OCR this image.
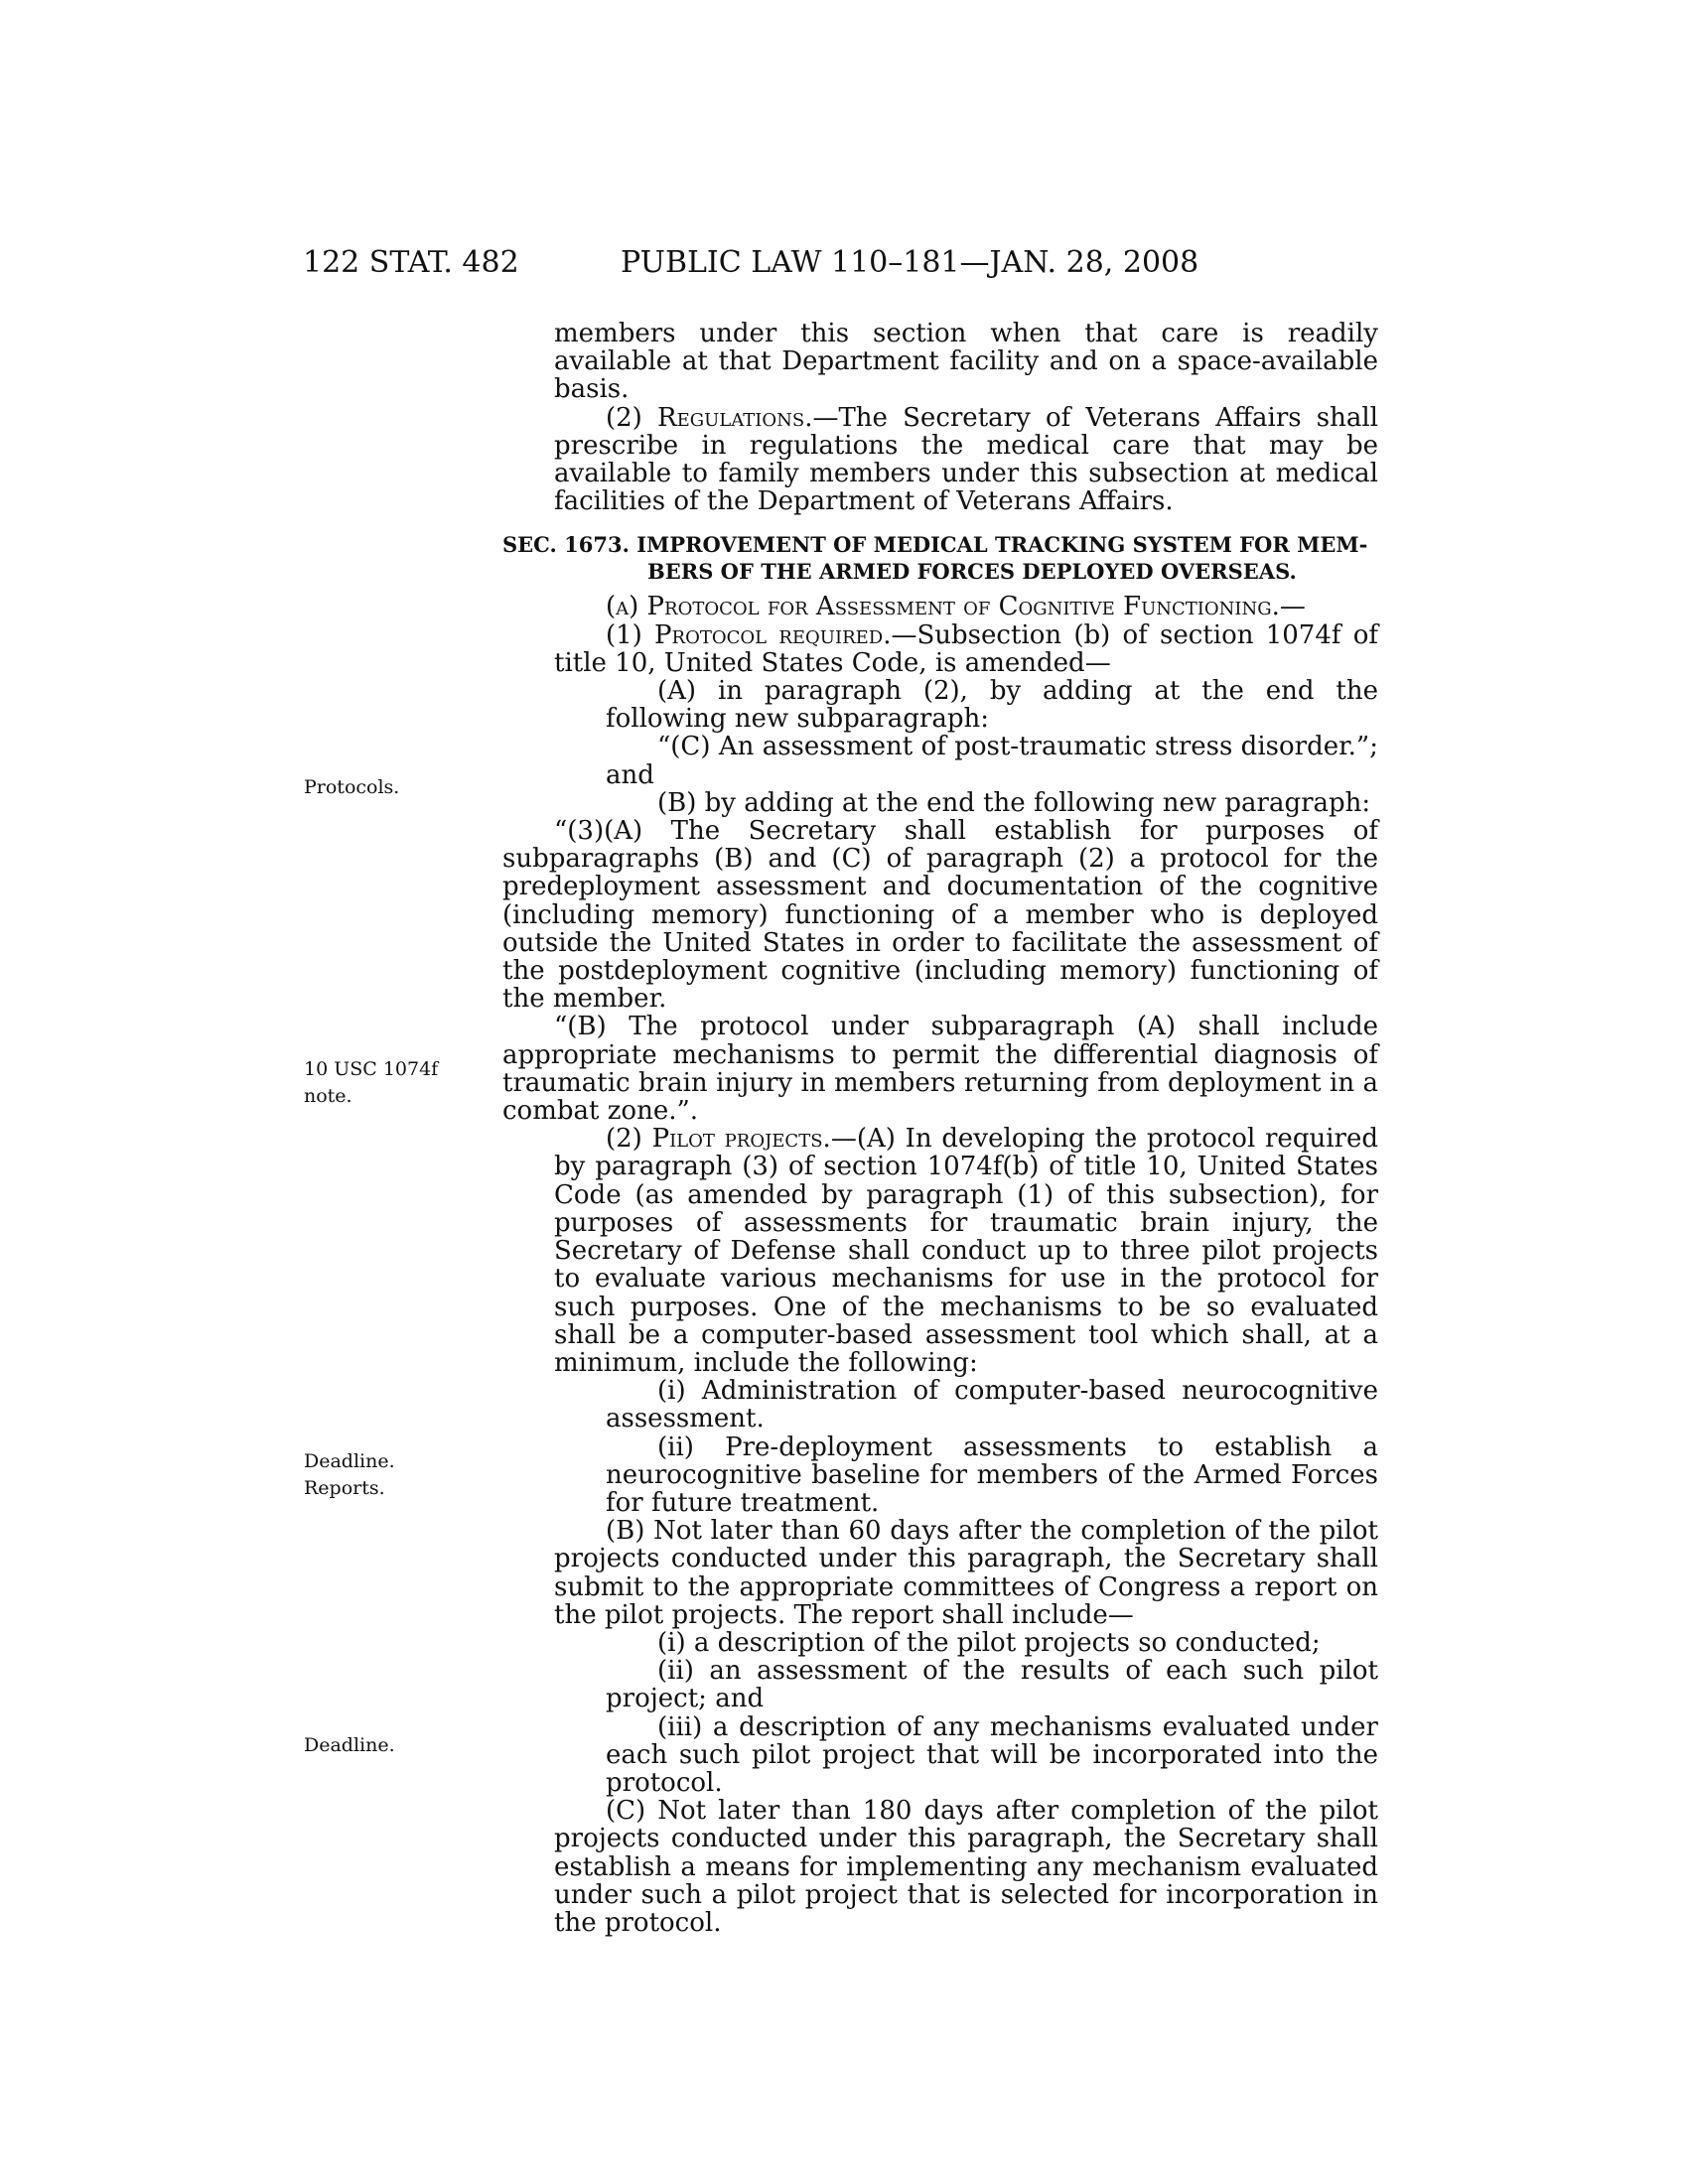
122 STAT. 482	PUBLIC LAW 110–181—JAN. 28, 2008
Protocols.
10 USC 1074f note.
Deadline. Reports.
Deadline.

members under this section when that care is readily available at that Department facility and on a space-available basis.

(2) Regulations.—The Secretary of Veterans Affairs shall prescribe in regulations the medical care that may be available to family members under this subsection at medical facilities of the Department of Veterans Affairs.

SEC. 1673. IMPROVEMENT OF MEDICAL TRACKING SYSTEM FOR MEM-
BERS OF THE ARMED FORCES DEPLOYED OVERSEAS.

(a) Protocol for Assessment of Cognitive Functioning.—

(1) Protocol required.—Subsection (b) of section 1074f of title 10, United States Code, is amended—

(A) in paragraph (2), by adding at the end the following new subparagraph:

“(C) An assessment of post-traumatic stress disorder.”; and

(B) by adding at the end the following new paragraph:

“(3)(A) The Secretary shall establish for purposes of subparagraphs (B) and (C) of paragraph (2) a protocol for the predeployment assessment and documentation of the cognitive (including memory) functioning of a member who is deployed outside the United States in order to facilitate the assessment of the postdeployment cognitive (including memory) functioning of the member.

“(B) The protocol under subparagraph (A) shall include appropriate mechanisms to permit the differential diagnosis of traumatic brain injury in members returning from deployment in a combat zone.”.

(2) Pilot projects.—(A) In developing the protocol required by paragraph (3) of section 1074f(b) of title 10, United States Code (as amended by paragraph (1) of this subsection), for purposes of assessments for traumatic brain injury, the Secretary of Defense shall conduct up to three pilot projects to evaluate various mechanisms for use in the protocol for such purposes. One of the mechanisms to be so evaluated shall be a computer-based assessment tool which shall, at a minimum, include the following:

(i) Administration of computer-based neurocognitive assessment.

(ii) Pre-deployment assessments to establish a neurocognitive baseline for members of the Armed Forces for future treatment.

(B) Not later than 60 days after the completion of the pilot projects conducted under this paragraph, the Secretary shall submit to the appropriate committees of Congress a report on the pilot projects. The report shall include—

(i) a description of the pilot projects so conducted;

(ii) an assessment of the results of each such pilot project; and

(iii) a description of any mechanisms evaluated under each such pilot project that will be incorporated into the protocol.

(C) Not later than 180 days after completion of the pilot projects conducted under this paragraph, the Secretary shall establish a means for implementing any mechanism evaluated under such a pilot project that is selected for incorporation in the protocol.
